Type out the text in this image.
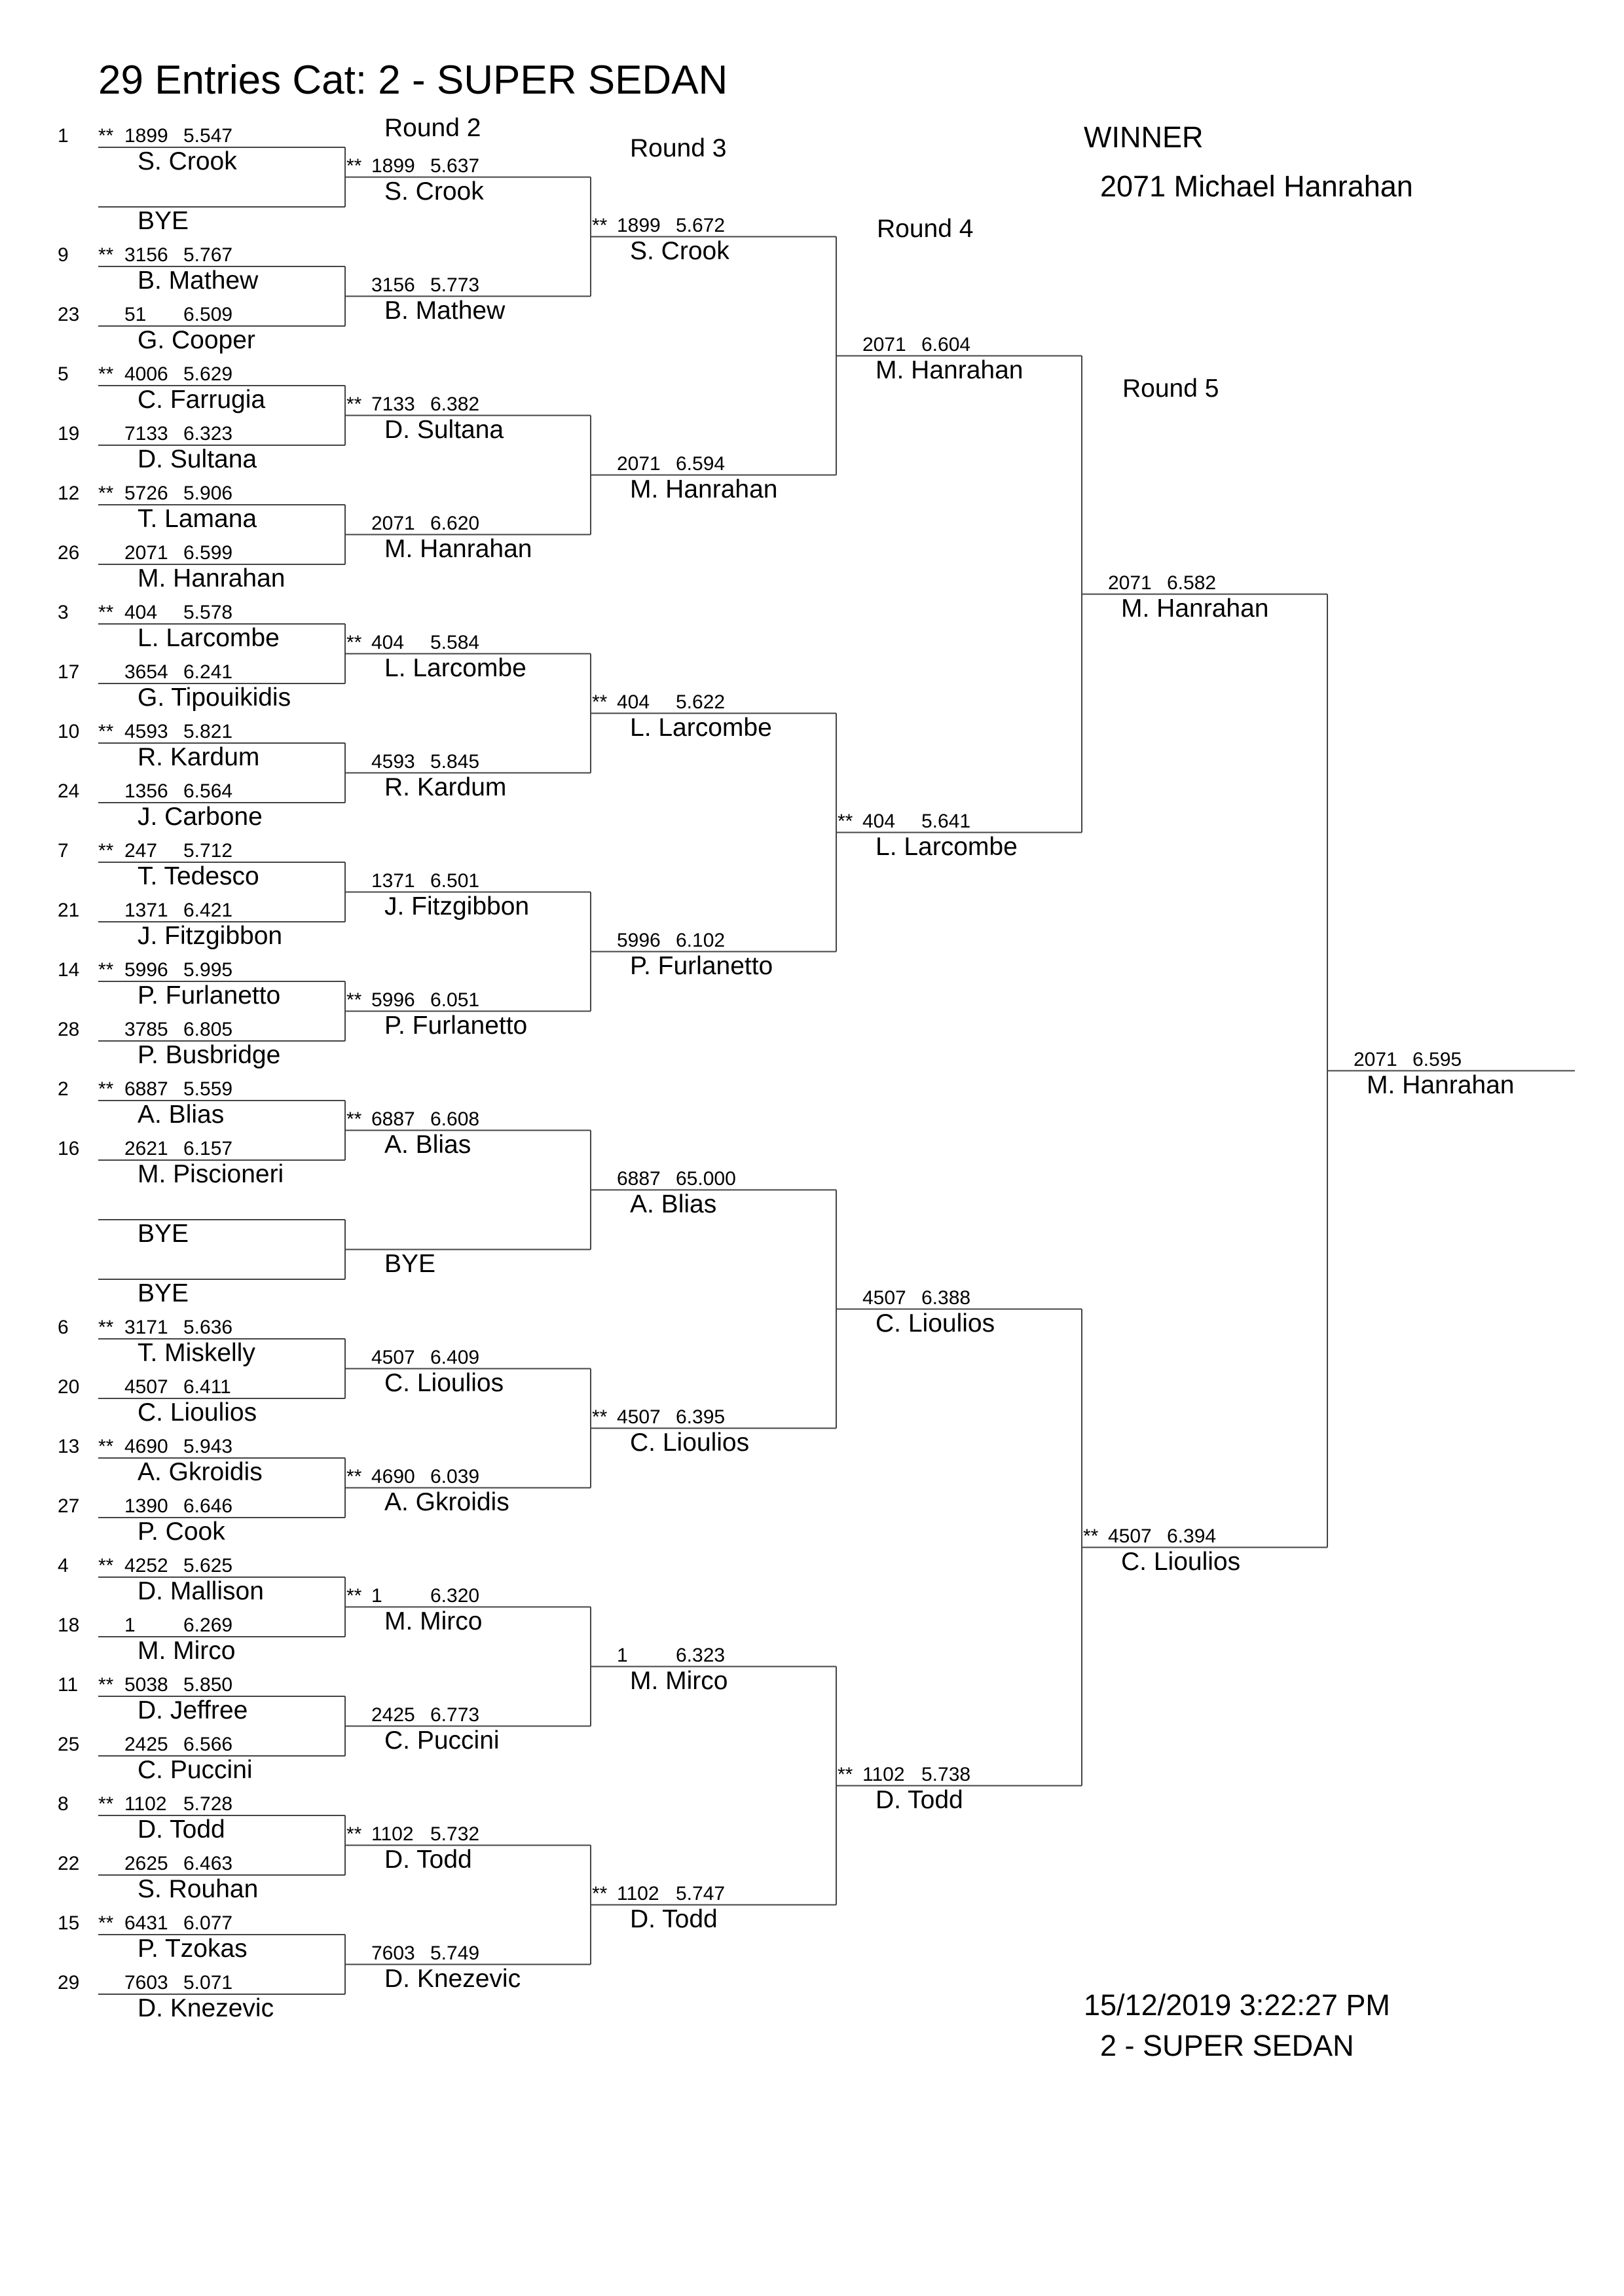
29 Entries Cat: 2 - SUPER SEDAN
Round 2
Round 3
Round 4
Round 5
WINNER
2071 Michael Hanrahan
15/12/2019 3:22:27 PM
2 - SUPER SEDAN
S. Crook
1899 5.547
**
1
BYE
B. Mathew
3156 5.767
**
9
G. Cooper
51 6.509
23
C. Farrugia
4006 5.629
**
5
D. Sultana
7133 6.323
19
T. Lamana
5726 5.906
**
12
M. Hanrahan
2071 6.599
26
L. Larcombe
404 5.578
**
3
G. Tipouikidis
3654 6.241
17
R. Kardum
4593 5.821
**
10
J. Carbone
1356 6.564
24
T. Tedesco
247 5.712
**
7
J. Fitzgibbon
1371 6.421
21
P. Furlanetto
5996 5.995
**
14
P. Busbridge
3785 6.805
28
A. Blias
6887 5.559
**
2
M. Piscioneri
2621 6.157
16
BYE
BYE
T. Miskelly
3171 5.636
**
6
C. Lioulios
4507 6.411
20
A. Gkroidis
4690 5.943
**
13
P. Cook
1390 6.646
27
D. Mallison
4252 5.625
**
4
M. Mirco
1 6.269
18
D. Jeffree
5038 5.850
**
11
C. Puccini
2425 6.566
25
D. Todd
1102 5.728
**
8
S. Rouhan
2625 6.463
22
P. Tzokas
6431 6.077
**
15
D. Knezevic
7603 5.071
29
S. Crook
1899 5.637
**
B. Mathew
3156 5.773
D. Sultana
7133 6.382
**
M. Hanrahan
2071 6.620
L. Larcombe
404 5.584
**
R. Kardum
4593 5.845
J. Fitzgibbon
1371 6.501
P. Furlanetto
5996 6.051
**
A. Blias
6887 6.608
**
BYE
C. Lioulios
4507 6.409
A. Gkroidis
4690 6.039
**
M. Mirco
1 6.320
**
C. Puccini
2425 6.773
D. Todd
1102 5.732
**
D. Knezevic
7603 5.749
S. Crook
1899 5.672
**
M. Hanrahan
2071 6.594
L. Larcombe
404 5.622
**
P. Furlanetto
5996 6.102
A. Blias
6887 65.000
C. Lioulios
4507 6.395
**
M. Mirco
1 6.323
D. Todd
1102 5.747
**
M. Hanrahan
2071 6.604
L. Larcombe
404 5.641
**
C. Lioulios
4507 6.388
D. Todd
1102 5.738
**
M. Hanrahan
2071 6.582
C. Lioulios
4507 6.394
**
M. Hanrahan
2071 6.595
